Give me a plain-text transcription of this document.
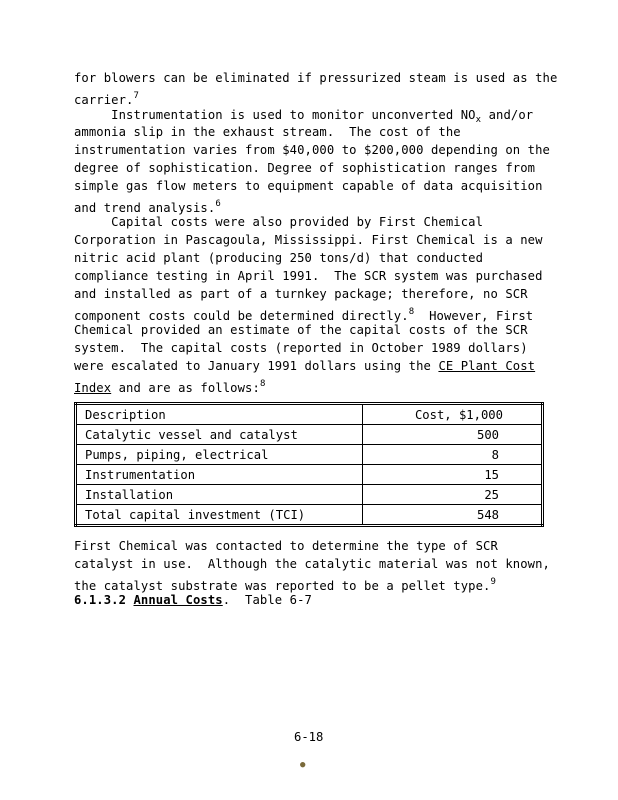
for blowers can be eliminated if pressurized steam is used as the
carrier.$^7$
Instrumentation is used to monitor unconverted $NO_x$ and/or
ammonia slip in the exhaust stream.  The cost of the
instrumentation varies from $40,000 to $200,000 depending on the
degree of sophistication. Degree of sophistication ranges from
simple gas flow meters to equipment capable of data acquisition
and trend analysis.$^6$
Capital costs were also provided by First Chemical
Corporation in Pascagoula, Mississippi. First Chemical is a new
nitric acid plant (producing 250 tons/d) that conducted
compliance testing in April 1991.  The SCR system was purchased
and installed as part of a turnkey package; therefore, no SCR
component costs could be determined directly.$^8$  However, First
Chemical provided an estimate of the capital costs of the SCR
system.  The capital costs (reported in October 1989 dollars)
were escalated to January 1991 dollars using the CE Plant Cost
Index and are as follows:$^8$
Description	Cost, $1,000
Catalytic vessel and catalyst	500
Pumps, piping, electrical	8
Instrumentation	15
Installation	25
Total capital investment (TCI)	548
First Chemical was contacted to determine the type of SCR
catalyst in use.  Although the catalytic material was not known,
the catalyst substrate was reported to be a pellet type.$^9$
6.1.3.2 Annual Costs.  Table 6-7
6-18
●
